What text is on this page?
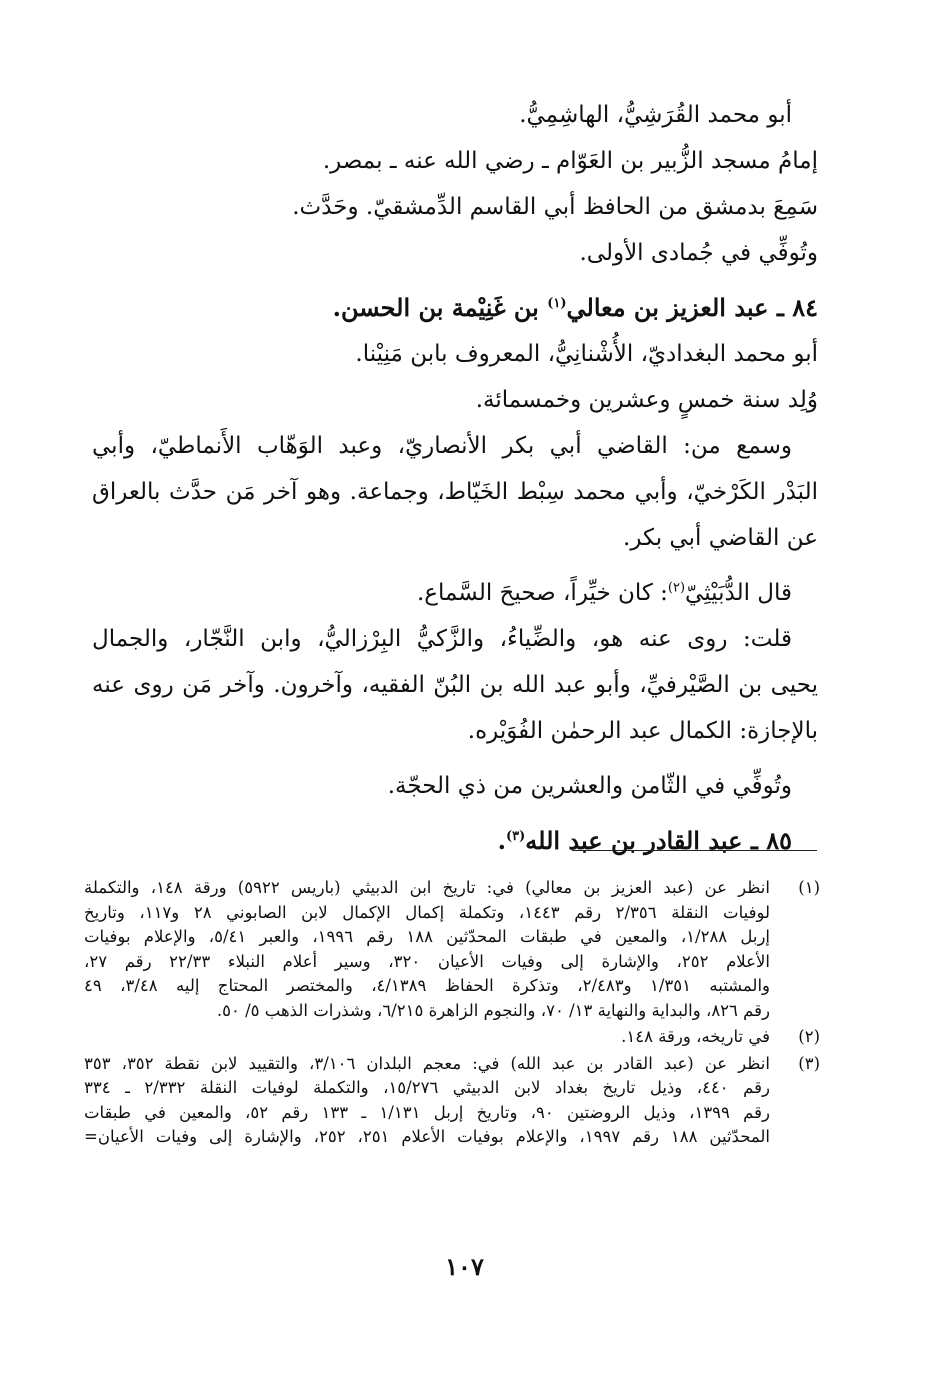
أبو محمد القُرَشِيُّ، الهاشِمِيُّ.
إمامُ مسجد الزُّبير بن العَوّام ـ رضي الله عنه ـ بمصر.
سَمِعَ بدمشق من الحافظ أبي القاسم الدِّمشقيّ. وحَدَّث.
وتُوفِّي في جُمادى الأولى.
٨٤ ـ عبد العزيز بن معالي$^{(١)}$ بن غَنِيْمة بن الحسن.
أبو محمد البغداديّ، الأُشْنانِيُّ، المعروف بابن مَنِيْنا.
وُلِد سنة خمسٍ وعشرين وخمسمائة.
وسمع من: القاضي أبي بكر الأنصاريّ، وعبد الوَهّاب الأَنماطيّ، وأبي
البَدْر الكَرْخيّ، وأبي محمد سِبْط الخَيّاط، وجماعة. وهو آخر مَن حدَّث بالعراق
عن القاضي أبي بكر.
قال الدُّبَيْثِيّ$^{(٢)}$: كان خيِّراً، صحيحَ السَّماع.
قلت: روى عنه هو، والضِّياءُ، والزَّكيُّ البِرْزاليُّ، وابن النَّجّار، والجمال
يحيى بن الصَّيْرفيِّ، وأبو عبد الله بن البُنّ الفقيه، وآخرون. وآخر مَن روى عنه
بالإجازة: الكمال عبد الرحمٰن الفُوَيْره.
وتُوفِّي في الثّامن والعشرين من ذي الحجّة.
٨٥ ـ عبد القادر بن عبد الله$^{(٣)}$.
(١)
انظر عن (عبد العزيز بن معالي) في: تاريخ ابن الدبيثي (باريس ٥٩٢٢) ورقة ١٤٨، والتكملة
لوفيات النقلة ٢/٣٥٦ رقم ١٤٤٣، وتكملة إكمال الإكمال لابن الصابوني ٢٨ و١١٧، وتاريخ
إربل ١/٢٨٨، والمعين في طبقات المحدّثين ١٨٨ رقم ١٩٩٦، والعبر ٥/٤١، والإعلام بوفيات
الأعلام ٢٥٢، والإشارة إلى وفيات الأعيان ٣٢٠، وسير أعلام النبلاء ٢٢/٣٣ رقم ٢٧،
والمشتبه ١/٣٥١ و٢/٤٨٣، وتذكرة الحفاظ ٤/١٣٨٩، والمختصر المحتاج إليه ٣/٤٨، ٤٩
رقم ٨٢٦، والبداية والنهاية ١٣/ ٧٠، والنجوم الزاهرة ٦/٢١٥، وشذرات الذهب ٥/ ٥٠.
(٢)
في تاريخه، ورقة ١٤٨.
(٣)
انظر عن (عبد القادر بن عبد الله) في: معجم البلدان ٣/١٠٦، والتقييد لابن نقطة ٣٥٢، ٣٥٣
رقم ٤٤٠، وذيل تاريخ بغداد لابن الدبيثي ١٥/٢٧٦، والتكملة لوفيات النقلة ٢/٣٣٢ ـ ٣٣٤
رقم ١٣٩٩، وذيل الروضتين ٩٠، وتاريخ إربل ١/١٣١ ـ ١٣٣ رقم ٥٢، والمعين في طبقات
المحدّثين ١٨٨ رقم ١٩٩٧، والإعلام بوفيات الأعلام ٢٥١، ٢٥٢، والإشارة إلى وفيات الأعيان=
١٠٧
